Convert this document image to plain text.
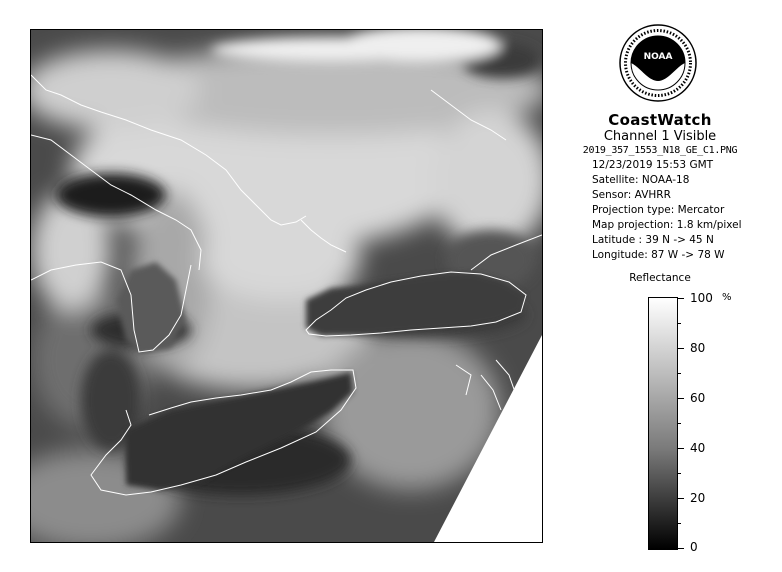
NOAA
CoastWatch
Channel 1 Visible
2019_357_1553_N18_GE_C1.PNG
12/23/2019 15:53 GMT
Satellite: NOAA-18
Sensor: AVHRR
Projection type: Mercator
Map projection: 1.8 km/pixel
Latitude : 39 N -> 45 N
Longitude: 87 W -> 78 W
Reflectance
%
100
80
60
40
20
0
